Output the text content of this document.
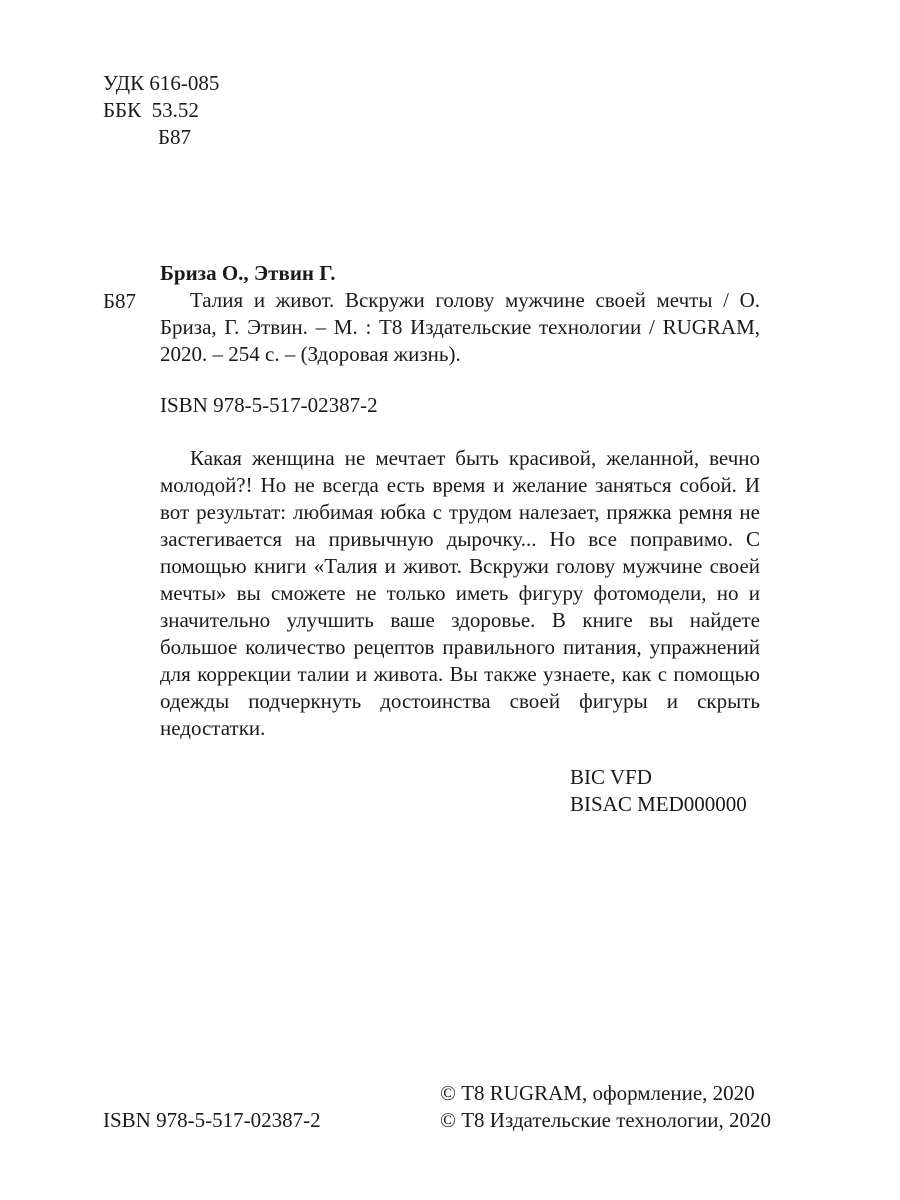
УДК 616-085
ББК  53.52
Б87
Б87
Бриза О., Этвин Г.
Талия и живот. Вскружи голову мужчине своей мечты / О. Бриза, Г. Этвин. – М. : Т8 Издательские технологии / RUGRAM, 2020. – 254 с. – (Здоровая жизнь).
ISBN 978-5-517-02387-2
Какая женщина не мечтает быть красивой, желанной, вечно молодой?! Но не всегда есть время и желание заняться собой. И вот результат: любимая юбка с трудом налезает, пряжка ремня не застегивается на привычную дырочку... Но все поправимо. С помощью книги «Талия и живот. Вскружи голову мужчине своей мечты» вы сможете не только иметь фигуру фотомодели, но и значительно улучшить ваше здоровье. В книге вы найдете большое количество рецептов правильного питания, упражнений для коррекции талии и живота. Вы также узнаете, как с помощью одежды подчеркнуть достоинства своей фигуры и скрыть недостатки.
BIC VFD
BISAC MED000000
© Т8 RUGRAM, оформление, 2020
© Т8 Издательские технологии, 2020
ISBN 978-5-517-02387-2
